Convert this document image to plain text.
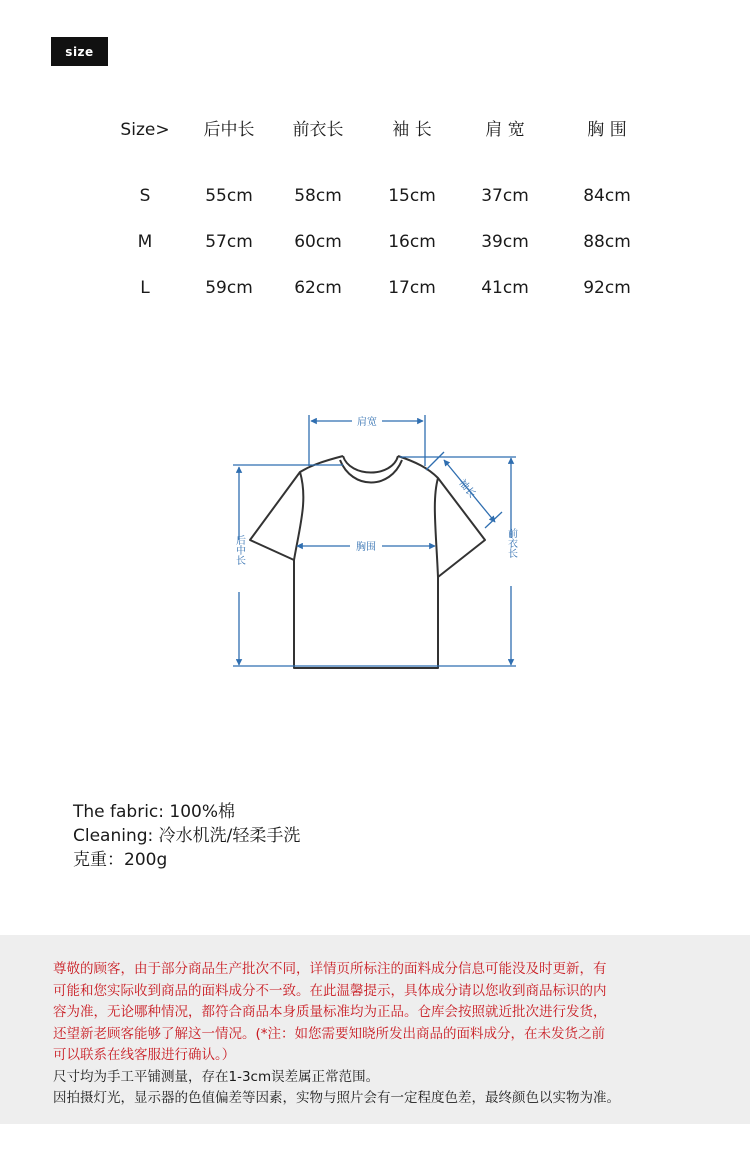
size
Size> 后中长 前衣长	袖 长	肩 宽	胸 围
S	55cm 58cm	15cm	37cm	84cm
M	57cm 60cm	16cm	39cm	88cm
L	59cm 62cm	17cm	41cm	92cm
肩宽
胸围
袖长
后中长	前衣长
The fabric: 100%棉
Cleaning: 冷水机洗/轻柔手洗
克重：200g
尊敬的顾客，由于部分商品生产批次不同，详情页所标注的面料成分信息可能没及时更新，有
可能和您实际收到商品的面料成分不一致。在此温馨提示，具体成分请以您收到商品标识的内
容为准，无论哪种情况，都符合商品本身质量标准均为正品。仓库会按照就近批次进行发货，
还望新老顾客能够了解这一情况。(*注：如您需要知晓所发出商品的面料成分，在未发货之前
可以联系在线客服进行确认。）
尺寸均为手工平铺测量，存在1-3cm误差属正常范围。
因拍摄灯光，显示器的色值偏差等因素，实物与照片会有一定程度色差，最终颜色以实物为准。
